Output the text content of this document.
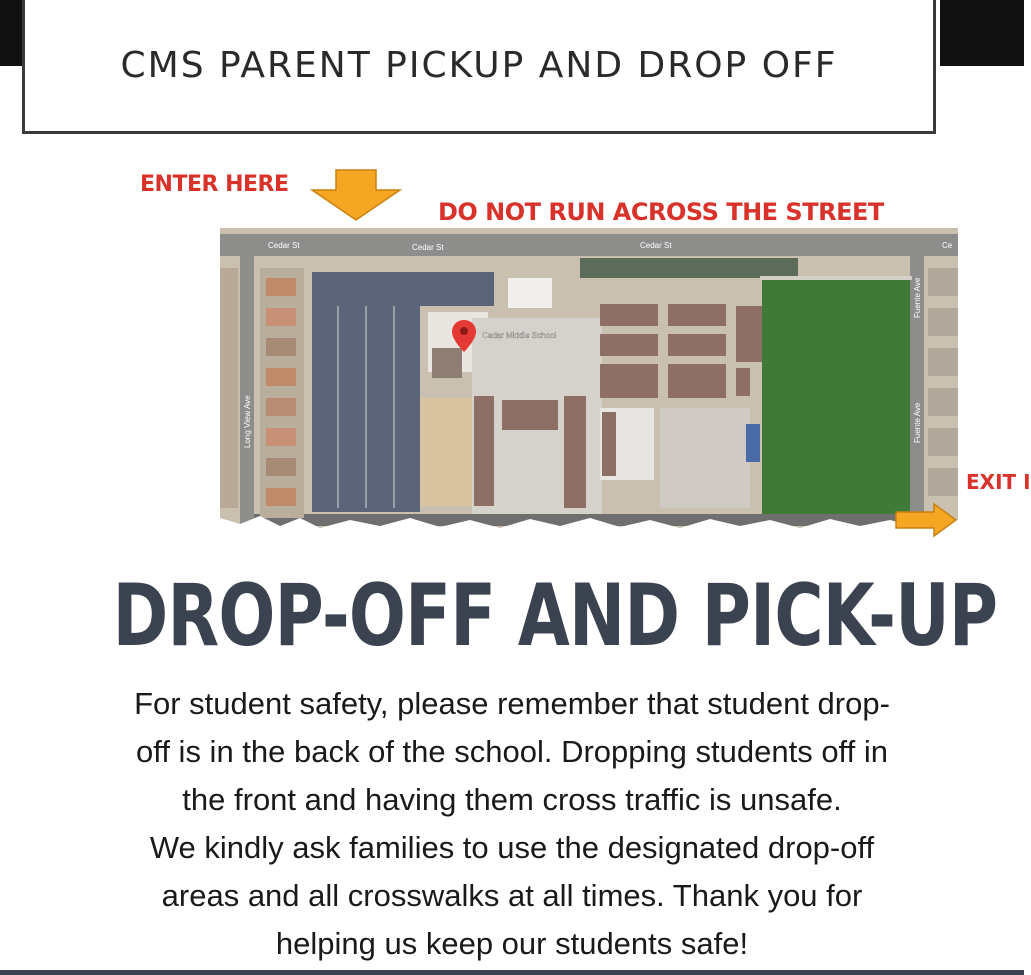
CMS PARENT PICKUP AND DROP OFF
ENTER HERE
DO NOT RUN ACROSS THE STREET
Cedar St	Cedar St	Cedar St	Ce
Long View Ave
Fuente Ave
Fuente Ave
Cedar Middle School
EXIT I
DROP-OFF AND PICK-UP
For student safety, please remember that student drop-
off is in the back of the school. Dropping students off in
the front and having them cross traffic is unsafe.
We kindly ask families to use the designated drop-off
areas and all crosswalks at all times. Thank you for
helping us keep our students safe!
